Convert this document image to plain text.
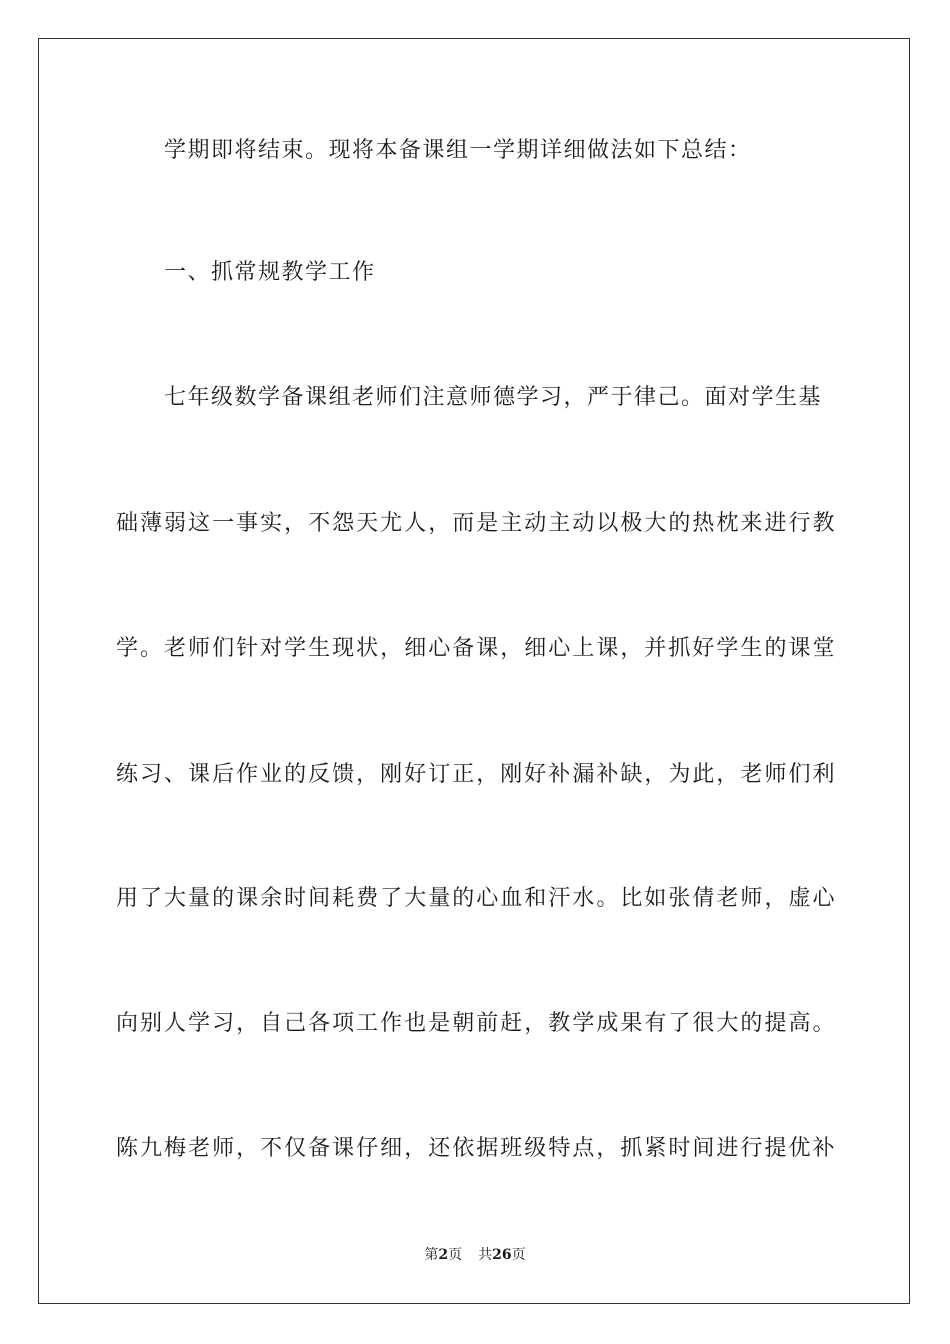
学期即将结束。现将本备课组一学期详细做法如下总结：
一、抓常规教学工作
七年级数学备课组老师们注意师德学习，严于律己。面对学生基
础薄弱这一事实，不怨天尤人，而是主动主动以极大的热枕来进行教
学。老师们针对学生现状，细心备课，细心上课，并抓好学生的课堂
练习、课后作业的反馈，刚好订正，刚好补漏补缺，为此，老师们利
用了大量的课余时间耗费了大量的心血和汗水。比如张倩老师，虚心
向别人学习，自己各项工作也是朝前赶，教学成果有了很大的提高。
陈九梅老师，不仅备课仔细，还依据班级特点，抓紧时间进行提优补
第2页 共26页
